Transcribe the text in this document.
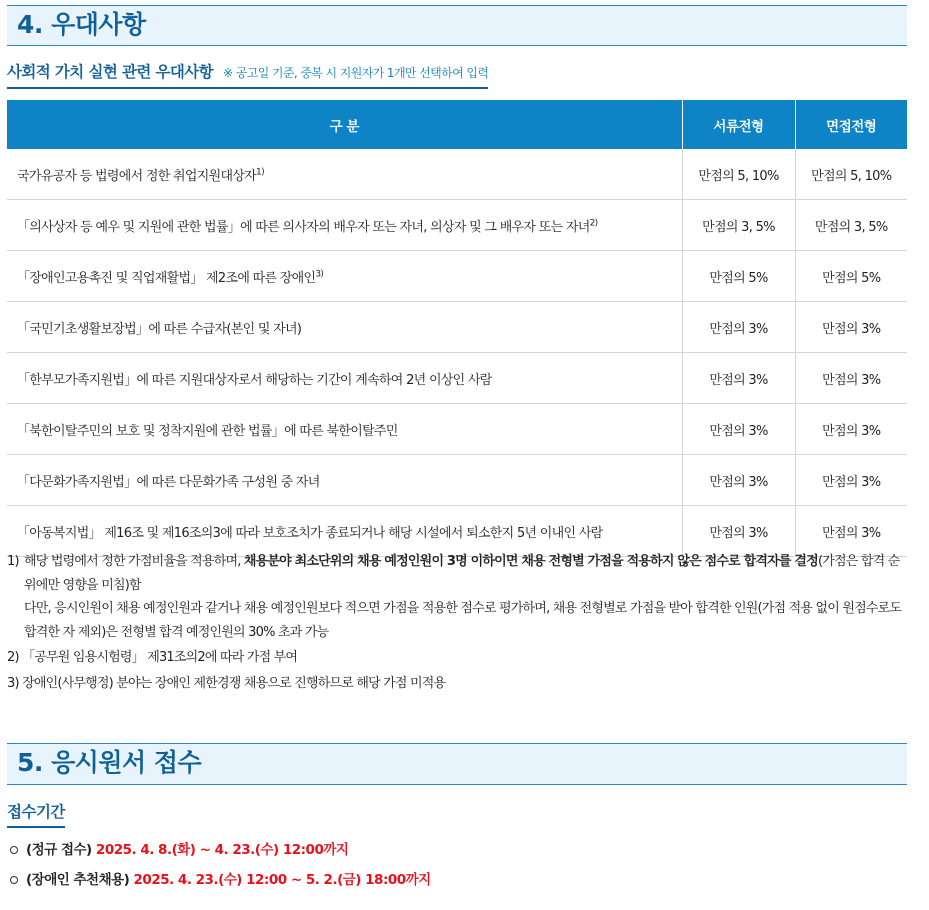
4. 우대사항
사회적 가치 실현 관련 우대사항 ※ 공고일 기준, 중복 시 지원자가 1개만 선택하여 입력
구 분	서류전형	면접전형
국가유공자 등 법령에서 정한 취업지원대상자$^{1)}$	만점의 5, 10%	만점의 5, 10%
「의사상자 등 예우 및 지원에 관한 법률」에 따른 의사자의 배우자 또는 자녀, 의상자 및 그 배우자 또는 자녀$^{2)}$	만점의 3, 5%	만점의 3, 5%
「장애인고용촉진 및 직업재활법」 제2조에 따른 장애인$^{3)}$	만점의 5%	만점의 5%
「국민기초생활보장법」에 따른 수급자(본인 및 자녀)	만점의 3%	만점의 3%
「한부모가족지원법」에 따른 지원대상자로서 해당하는 기간이 계속하여 2년 이상인 사람	만점의 3%	만점의 3%
「북한이탈주민의 보호 및 정착지원에 관한 법률」에 따른 북한이탈주민	만점의 3%	만점의 3%
「다문화가족지원법」에 따른 다문화가족 구성원 중 자녀	만점의 3%	만점의 3%
「아동복지법」 제16조 및 제16조의3에 따라 보호조치가 종료되거나 해당 시설에서 퇴소한지 5년 이내인 사람	만점의 3%	만점의 3%
1) 해당 법령에서 정한 가점비율을 적용하며, 채용분야 최소단위의 채용 예정인원이 3명 이하이면 채용 전형별 가점을 적용하지 않은 점수로 합격자를 결정(가점은 합격 순위에만 영향을 미침)함
다만, 응시인원이 채용 예정인원과 같거나 채용 예정인원보다 적으면 가점을 적용한 점수로 평가하며, 채용 전형별로 가점을 받아 합격한 인원(가점 적용 없이 원점수로도 합격한 자 제외)은 전형별 합격 예정인원의 30% 초과 가능
2) 「공무원 임용시험령」 제31조의2에 따라 가점 부여
3) 장애인(사무행정) 분야는 장애인 제한경쟁 채용으로 진행하므로 해당 가점 미적용
5. 응시원서 접수
접수기간
(정규 접수) 2025. 4. 8.(화) ~ 4. 23.(수) 12:00까지
(장애인 추천채용) 2025. 4. 23.(수) 12:00 ~ 5. 2.(금) 18:00까지
